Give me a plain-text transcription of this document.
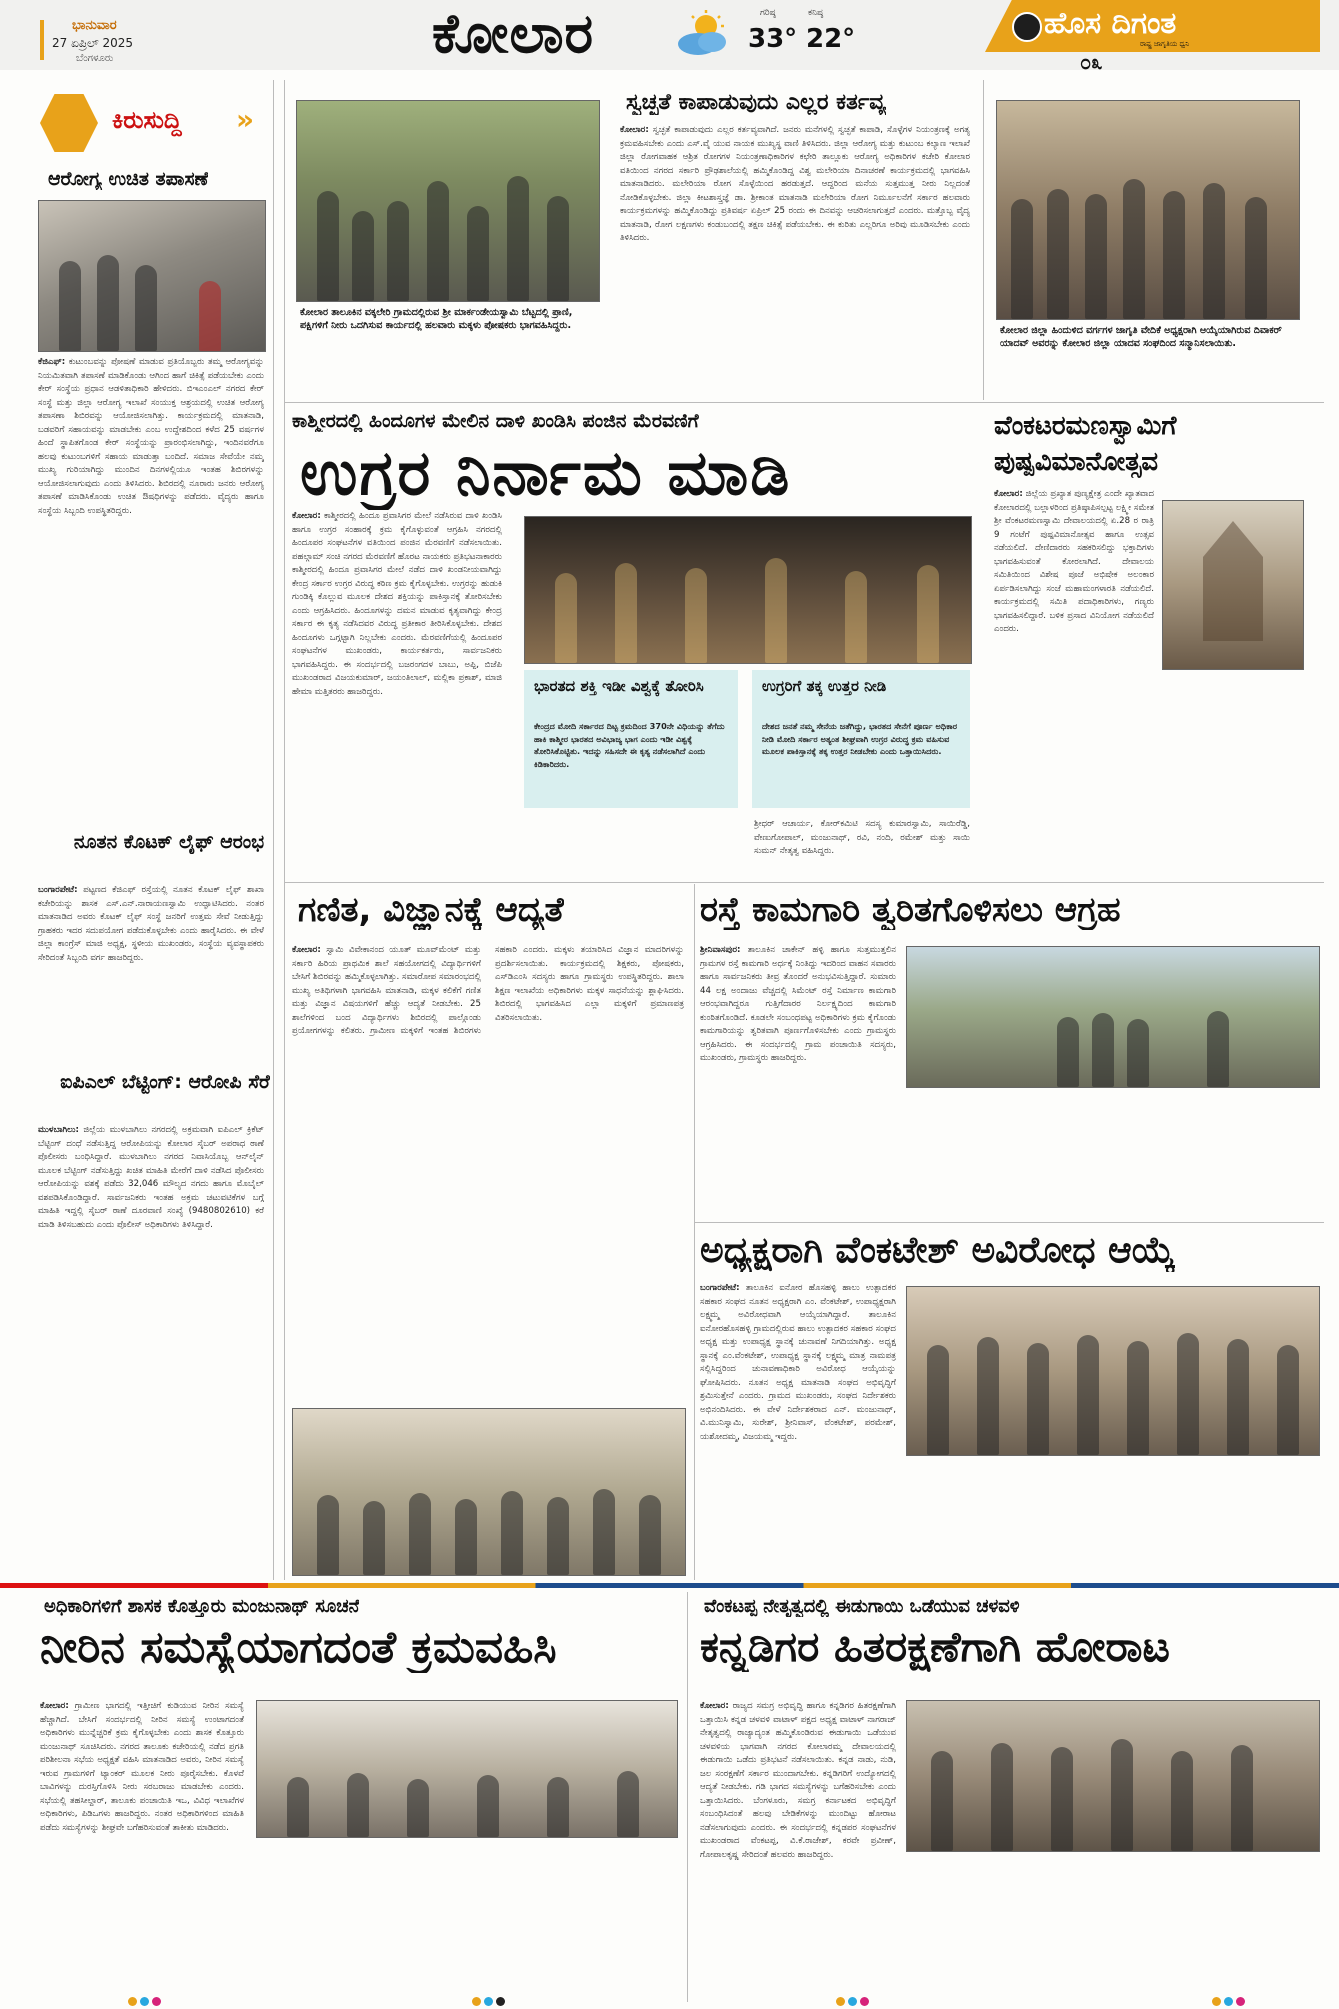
ಭಾನುವಾರ
27 ಏಪ್ರಿಲ್ 2025
ಬೆಂಗಳೂರು	ಕೋಲಾರ	ಗರಿಷ್ಠ
33°
ಕನಿಷ್ಠ
22°	ಹೊಸ ದಿಗಂತ
ರಾಷ್ಟ್ರ ಜಾಗೃತಿಯ ಧ್ವನಿ
೦೩
ಕಿರುಸುದ್ದಿ »
ಆರೋಗ್ಯ ಉಚಿತ ತಪಾಸಣೆ
ಕೆಜಿಎಫ್: ಕುಟುಂಬವನ್ನು ಪೋಷಣೆ ಮಾಡುವ ಪ್ರತಿಯೊಬ್ಬರು ತಮ್ಮ ಆರೋಗ್ಯವನ್ನು ನಿಯಮಿತವಾಗಿ ತಪಾಸಣೆ ಮಾಡಿಕೊಂಡು ಆಗಿಂದ ಹಾಗೆ ಚಿಕಿತ್ಸೆ ಪಡೆಯಬೇಕು ಎಂದು ಕೇರ್ ಸಂಸ್ಥೆಯ ಪ್ರಧಾನ ಆಡಳಿತಾಧಿಕಾರಿ ಹೇಳಿದರು. ಬಿಇಎಂಎಲ್ ನಗರದ ಕೇರ್ ಸಂಸ್ಥೆ ಮತ್ತು ಜಿಲ್ಲಾ ಆರೋಗ್ಯ ಇಲಾಖೆ ಸಂಯುಕ್ತ ಆಶ್ರಯದಲ್ಲಿ ಉಚಿತ ಆರೋಗ್ಯ ತಪಾಸಣಾ ಶಿಬಿರವನ್ನು ಆಯೋಜಿಸಲಾಗಿತ್ತು. ಕಾರ್ಯಕ್ರಮದಲ್ಲಿ ಮಾತನಾಡಿ, ಬಡವರಿಗೆ ಸಹಾಯವನ್ನು ಮಾಡಬೇಕು ಎಂಬ ಉದ್ದೇಶದಿಂದ ಕಳೆದ 25 ವರ್ಷಗಳ ಹಿಂದೆ ಸ್ಥಾಪಿತಗೊಂಡ ಕೇರ್ ಸಂಸ್ಥೆಯನ್ನು ಪ್ರಾರಂಭಿಸಲಾಗಿದ್ದು, ಇಂದಿನವರೆಗೂ ಹಲವು ಕುಟುಂಬಗಳಿಗೆ ಸಹಾಯ ಮಾಡುತ್ತಾ ಬಂದಿದೆ. ಸಮಾಜ ಸೇವೆಯೇ ನಮ್ಮ ಮುಖ್ಯ ಗುರಿಯಾಗಿದ್ದು ಮುಂದಿನ ದಿನಗಳಲ್ಲಿಯೂ ಇಂತಹ ಶಿಬಿರಗಳನ್ನು ಆಯೋಜಿಸಲಾಗುವುದು ಎಂದು ತಿಳಿಸಿದರು. ಶಿಬಿರದಲ್ಲಿ ನೂರಾರು ಜನರು ಆರೋಗ್ಯ ತಪಾಸಣೆ ಮಾಡಿಸಿಕೊಂಡು ಉಚಿತ ಔಷಧಿಗಳನ್ನು ಪಡೆದರು. ವೈದ್ಯರು ಹಾಗೂ ಸಂಸ್ಥೆಯ ಸಿಬ್ಬಂದಿ ಉಪಸ್ಥಿತರಿದ್ದರು.
ನೂತನ ಕೊಟಕ್ ಲೈಫ್ ಆರಂಭ
ಬಂಗಾರಪೇಟೆ: ಪಟ್ಟಣದ ಕೆಜಿಎಫ್ ರಸ್ತೆಯಲ್ಲಿ ನೂತನ ಕೊಟಕ್ ಲೈಫ್ ಶಾಖಾ ಕಚೇರಿಯನ್ನು ಶಾಸಕ ಎಸ್.ಎನ್.ನಾರಾಯಣಸ್ವಾಮಿ ಉದ್ಘಾಟಿಸಿದರು. ನಂತರ ಮಾತನಾಡಿದ ಅವರು ಕೊಟಕ್ ಲೈಫ್ ಸಂಸ್ಥೆ ಜನರಿಗೆ ಉತ್ತಮ ಸೇವೆ ನೀಡುತ್ತಿದ್ದು ಗ್ರಾಹಕರು ಇದರ ಸದುಪಯೋಗ ಪಡೆದುಕೊಳ್ಳಬೇಕು ಎಂದು ಹಾರೈಸಿದರು. ಈ ವೇಳೆ ಜಿಲ್ಲಾ ಕಾಂಗ್ರೆಸ್ ಮಾಜಿ ಅಧ್ಯಕ್ಷ, ಸ್ಥಳೀಯ ಮುಖಂಡರು, ಸಂಸ್ಥೆಯ ವ್ಯವಸ್ಥಾಪಕರು ಸೇರಿದಂತೆ ಸಿಬ್ಬಂದಿ ವರ್ಗ ಹಾಜರಿದ್ದರು.
ಐಪಿಎಲ್ ಬೆಟ್ಟಿಂಗ್: ಆರೋಪಿ ಸೆರೆ
ಮುಳಬಾಗಿಲು: ಜಿಲ್ಲೆಯ ಮುಳಬಾಗಿಲು ನಗರದಲ್ಲಿ ಅಕ್ರಮವಾಗಿ ಐಪಿಎಲ್ ಕ್ರಿಕೆಟ್ ಬೆಟ್ಟಿಂಗ್ ದಂಧೆ ನಡೆಸುತ್ತಿದ್ದ ಆರೋಪಿಯನ್ನು ಕೋಲಾರ ಸೈಬರ್ ಅಪರಾಧ ಠಾಣೆ ಪೊಲೀಸರು ಬಂಧಿಸಿದ್ದಾರೆ. ಮುಳಬಾಗಿಲು ನಗರದ ನಿವಾಸಿಯೊಬ್ಬ ಆನ್‌ಲೈನ್ ಮೂಲಕ ಬೆಟ್ಟಿಂಗ್ ನಡೆಸುತ್ತಿದ್ದು ಖಚಿತ ಮಾಹಿತಿ ಮೇರೆಗೆ ದಾಳಿ ನಡೆಸಿದ ಪೊಲೀಸರು ಆರೋಪಿಯನ್ನು ವಶಕ್ಕೆ ಪಡೆದು 32,046 ಮೌಲ್ಯದ ನಗದು ಹಾಗೂ ಮೊಬೈಲ್ ವಶಪಡಿಸಿಕೊಂಡಿದ್ದಾರೆ. ಸಾರ್ವಜನಿಕರು ಇಂತಹ ಅಕ್ರಮ ಚಟುವಟಿಕೆಗಳ ಬಗ್ಗೆ ಮಾಹಿತಿ ಇದ್ದಲ್ಲಿ ಸೈಬರ್ ಠಾಣೆ ದೂರವಾಣಿ ಸಂಖ್ಯೆ (9480802610) ಕರೆ ಮಾಡಿ ತಿಳಿಸಬಹುದು ಎಂದು ಪೊಲೀಸ್ ಅಧಿಕಾರಿಗಳು ತಿಳಿಸಿದ್ದಾರೆ.
ಕೋಲಾರ ತಾಲೂಕಿನ ವಕ್ಕಲೇರಿ ಗ್ರಾಮದಲ್ಲಿರುವ ಶ್ರೀ ಮಾರ್ಕಂಡೇಯಸ್ವಾಮಿ ಬೆಟ್ಟದಲ್ಲಿ ಪ್ರಾಣಿ, ಪಕ್ಷಿಗಳಿಗೆ ನೀರು ಒದಗಿಸುವ ಕಾರ್ಯದಲ್ಲಿ ಹಲವಾರು ಮಕ್ಕಳು ಪೋಷಕರು ಭಾಗವಹಿಸಿದ್ದರು.
ಸ್ವಚ್ಛತೆ ಕಾಪಾಡುವುದು ಎಲ್ಲರ ಕರ್ತವ್ಯ
ಕೋಲಾರ: ಸ್ವಚ್ಛತೆ ಕಾಪಾಡುವುದು ಎಲ್ಲರ ಕರ್ತವ್ಯವಾಗಿದೆ. ಜನರು ಮನೆಗಳಲ್ಲಿ ಸ್ವಚ್ಛತೆ ಕಾಪಾಡಿ, ಸೊಳ್ಳೆಗಳ ನಿಯಂತ್ರಣಕ್ಕೆ ಅಗತ್ಯ ಕ್ರಮವಹಿಸಬೇಕು ಎಂದು ಎಸ್.ವೈ ಯುವ ನಾಯಕ ಮುಖ್ಯಸ್ಥ ವಾಣಿ ತಿಳಿಸಿದರು. ಜಿಲ್ಲಾ ಆರೋಗ್ಯ ಮತ್ತು ಕುಟುಂಬ ಕಲ್ಯಾಣ ಇಲಾಖೆ ಜಿಲ್ಲಾ ರೋಗವಾಹಕ ಆಶ್ರಿತ ರೋಗಗಳ ನಿಯಂತ್ರಣಾಧಿಕಾರಿಗಳ ಕಛೇರಿ ತಾಲ್ಲೂಕು ಆರೋಗ್ಯ ಅಧಿಕಾರಿಗಳ ಕಚೇರಿ ಕೋಲಾರ ವತಿಯಿಂದ ನಗರದ ಸರ್ಕಾರಿ ಪ್ರೌಢಶಾಲೆಯಲ್ಲಿ ಹಮ್ಮಿಕೊಂಡಿದ್ದ ವಿಶ್ವ ಮಲೇರಿಯಾ ದಿನಾಚರಣೆ ಕಾರ್ಯಕ್ರಮದಲ್ಲಿ ಭಾಗವಹಿಸಿ ಮಾತನಾಡಿದರು. ಮಲೇರಿಯಾ ರೋಗ ಸೊಳ್ಳೆಯಿಂದ ಹರಡುತ್ತದೆ. ಆದ್ದರಿಂದ ಮನೆಯ ಸುತ್ತಮುತ್ತ ನೀರು ನಿಲ್ಲದಂತೆ ನೋಡಿಕೊಳ್ಳಬೇಕು. ಜಿಲ್ಲಾ ಕೀಟಶಾಸ್ತ್ರಜ್ಞೆ ಡಾ. ಶ್ರೀಕಾಂತ ಮಾತನಾಡಿ ಮಲೇರಿಯಾ ರೋಗ ನಿರ್ಮೂಲನೆಗೆ ಸರ್ಕಾರ ಹಲವಾರು ಕಾರ್ಯಕ್ರಮಗಳನ್ನು ಹಮ್ಮಿಕೊಂಡಿದ್ದು ಪ್ರತಿವರ್ಷ ಏಪ್ರಿಲ್ 25 ರಂದು ಈ ದಿನವನ್ನು ಆಚರಿಸಲಾಗುತ್ತದೆ ಎಂದರು. ಮತ್ತೊಬ್ಬ ವೈದ್ಯ ಮಾತನಾಡಿ, ರೋಗ ಲಕ್ಷಣಗಳು ಕಂಡುಬಂದಲ್ಲಿ ತಕ್ಷಣ ಚಿಕಿತ್ಸೆ ಪಡೆಯಬೇಕು. ಈ ಕುರಿತು ಎಲ್ಲರಿಗೂ ಅರಿವು ಮೂಡಿಸಬೇಕು ಎಂದು ತಿಳಿಸಿದರು.
ಕೋಲಾರ ಜಿಲ್ಲಾ ಹಿಂದುಳಿದ ವರ್ಗಗಳ ಜಾಗೃತಿ ವೇದಿಕೆ ಅಧ್ಯಕ್ಷರಾಗಿ ಆಯ್ಕೆಯಾಗಿರುವ ದಿವಾಕರ್ ಯಾದವ್ ಅವರನ್ನು ಕೋಲಾರ ಜಿಲ್ಲಾ ಯಾದವ ಸಂಘದಿಂದ ಸನ್ಮಾನಿಸಲಾಯಿತು.
ಕಾಶ್ಮೀರದಲ್ಲಿ ಹಿಂದೂಗಳ ಮೇಲಿನ ದಾಳಿ ಖಂಡಿಸಿ ಪಂಜಿನ ಮೆರವಣಿಗೆ
ಉಗ್ರರ ನಿರ್ನಾಮ ಮಾಡಿ
ಕೋಲಾರ: ಕಾಶ್ಮೀರದಲ್ಲಿ ಹಿಂದೂ ಪ್ರವಾಸಿಗರ ಮೇಲೆ ನಡೆಸಿರುವ ದಾಳಿ ಖಂಡಿಸಿ ಹಾಗೂ ಉಗ್ರರ ಸಂಹಾರಕ್ಕೆ ಕ್ರಮ ಕೈಗೊಳ್ಳುವಂತೆ ಆಗ್ರಹಿಸಿ ನಗರದಲ್ಲಿ ಹಿಂದೂಪರ ಸಂಘಟನೆಗಳ ವತಿಯಿಂದ ಪಂಜಿನ ಮೆರವಣಿಗೆ ನಡೆಸಲಾಯಿತು. ಪಹಲ್ಗಾಮ್ ಸಂಚಿ ನಗರದ ಮೆರವಣಿಗೆ ಹೊರಟ ನಾಯಕರು ಪ್ರತಿಭಟನಾಕಾರರು ಕಾಶ್ಮೀರದಲ್ಲಿ ಹಿಂದೂ ಪ್ರವಾಸಿಗರ ಮೇಲೆ ನಡೆದ ದಾಳಿ ಖಂಡನೀಯವಾಗಿದ್ದು ಕೇಂದ್ರ ಸರ್ಕಾರ ಉಗ್ರರ ವಿರುದ್ಧ ಕಠಿಣ ಕ್ರಮ ಕೈಗೊಳ್ಳಬೇಕು. ಉಗ್ರರನ್ನು ಹುಡುಕಿ ಗುಂಡಿಕ್ಕಿ ಕೊಲ್ಲುವ ಮೂಲಕ ದೇಶದ ಶಕ್ತಿಯನ್ನು ಪಾಕಿಸ್ತಾನಕ್ಕೆ ತೋರಿಸಬೇಕು ಎಂದು ಆಗ್ರಹಿಸಿದರು. ಹಿಂದೂಗಳನ್ನು ದಮನ ಮಾಡುವ ಕೃತ್ಯವಾಗಿದ್ದು ಕೇಂದ್ರ ಸರ್ಕಾರ ಈ ಕೃತ್ಯ ನಡೆಸಿದವರ ವಿರುದ್ಧ ಪ್ರತೀಕಾರ ತೀರಿಸಿಕೊಳ್ಳಬೇಕು. ದೇಶದ ಹಿಂದೂಗಳು ಒಗ್ಗಟ್ಟಾಗಿ ನಿಲ್ಲಬೇಕು ಎಂದರು. ಮೆರವಣಿಗೆಯಲ್ಲಿ ಹಿಂದೂಪರ ಸಂಘಟನೆಗಳ ಮುಖಂಡರು, ಕಾರ್ಯಕರ್ತರು, ಸಾರ್ವಜನಿಕರು ಭಾಗವಹಿಸಿದ್ದರು. ಈ ಸಂದರ್ಭದಲ್ಲಿ ಬಜರಂಗದಳ ಬಾಬು, ಅಪ್ಪಿ, ಬಿಜೆಪಿ ಮುಖಂಡರಾದ ವಿಜಯಕುಮಾರ್, ಜಯಂತಿಲಾಲ್, ಮಲ್ಲಿಕಾ ಪ್ರಕಾಶ್, ಮಾಜಿ ಹೇಮಾ ಮತ್ತಿತರರು ಹಾಜರಿದ್ದರು.	ಭಾರತದ ಶಕ್ತಿ ಇಡೀ ವಿಶ್ವಕ್ಕೆ ತೋರಿಸಿ
ಕೇಂದ್ರದ ಮೋದಿ ಸರ್ಕಾರದ ದಿಟ್ಟ ಕ್ರಮದಿಂದ 370ನೇ ವಿಧಿಯನ್ನು ತೆಗೆದು ಹಾಕಿ ಕಾಶ್ಮೀರ ಭಾರತದ ಅವಿಭಾಜ್ಯ ಭಾಗ ಎಂದು ಇಡೀ ವಿಶ್ವಕ್ಕೆ ತೋರಿಸಿಕೊಟ್ಟಿತು. ಇದನ್ನು ಸಹಿಸದೇ ಈ ಕೃತ್ಯ ನಡೆಸಲಾಗಿದೆ ಎಂದು ಕಿಡಿಕಾರಿದರು.
ಉಗ್ರರಿಗೆ ತಕ್ಕ ಉತ್ತರ ನೀಡಿ
ದೇಶದ ಜನತೆ ನಮ್ಮ ಸೇನೆಯ ಜತೆಗಿದ್ದು, ಭಾರತದ ಸೇನೆಗೆ ಪೂರ್ಣ ಅಧಿಕಾರ ನೀಡಿ ಮೋದಿ ಸರ್ಕಾರ ಅತ್ಯಂತ ಶೀಘ್ರವಾಗಿ ಉಗ್ರರ ವಿರುದ್ಧ ಕ್ರಮ ವಹಿಸುವ ಮೂಲಕ ಪಾಕಿಸ್ತಾನಕ್ಕೆ ತಕ್ಕ ಉತ್ತರ ನೀಡಬೇಕು ಎಂದು ಒತ್ತಾಯಿಸಿದರು.
ಶ್ರೀಧರ್ ಆಚಾರ್ಯ, ಕೋರ್‌ಕಮಿಟಿ ಸದಸ್ಯ ಕುಮಾರಸ್ವಾಮಿ, ಸಾಯಿರೆಡ್ಡಿ, ವೇಣುಗೋಪಾಲ್, ಮಂಜುನಾಥ್, ರವಿ, ನಂದಿ, ರಮೇಶ್ ಮತ್ತು ಸಾಯಿ ಸುಮನ್ ನೇತೃತ್ವ ವಹಿಸಿದ್ದರು.
ವೆಂಕಟರಮಣಸ್ವಾಮಿಗೆ ಪುಷ್ಪವಿಮಾನೋತ್ಸವ
ಕೋಲಾರ: ಜಿಲ್ಲೆಯ ಪ್ರಖ್ಯಾತ ಪುಣ್ಯಕ್ಷೇತ್ರ ಎಂದೇ ಖ್ಯಾತವಾದ ಕೋಲಾರದಲ್ಲಿ ಬಲ್ಲಾಳರಿಂದ ಪ್ರತಿಷ್ಠಾಪಿಸಲ್ಪಟ್ಟ ಲಕ್ಷ್ಮೀ ಸಮೇತ ಶ್ರೀ ವೆಂಕಟರಮಣಸ್ವಾಮಿ ದೇವಾಲಯದಲ್ಲಿ ಏ.28 ರ ರಾತ್ರಿ 9 ಗಂಟೆಗೆ ಪುಷ್ಪವಿಮಾನೋತ್ಸವ ಹಾಗೂ ಉತ್ಸವ ನಡೆಯಲಿದೆ. ದೇಣಿದಾರರು ಸಹಕರಿಸಲಿದ್ದು ಭಕ್ತಾದಿಗಳು ಭಾಗವಹಿಸುವಂತೆ ಕೋರಲಾಗಿದೆ. ದೇವಾಲಯ ಸಮಿತಿಯಿಂದ ವಿಶೇಷ ಪೂಜೆ ಅಭಿಷೇಕ ಅಲಂಕಾರ ಏರ್ಪಡಿಸಲಾಗಿದ್ದು ಸಂಜೆ ಮಹಾಮಂಗಳಾರತಿ ನಡೆಯಲಿದೆ. ಕಾರ್ಯಕ್ರಮದಲ್ಲಿ ಸಮಿತಿ ಪದಾಧಿಕಾರಿಗಳು, ಗಣ್ಯರು ಭಾಗವಹಿಸಲಿದ್ದಾರೆ. ಬಳಿಕ ಪ್ರಸಾದ ವಿನಿಯೋಗ ನಡೆಯಲಿದೆ ಎಂದರು.
ಗಣಿತ, ವಿಜ್ಞಾನಕ್ಕೆ ಆದ್ಯತೆ
ಕೋಲಾರ: ಸ್ವಾಮಿ ವಿವೇಕಾನಂದ ಯೂತ್ ಮೂವ್‌ಮೆಂಟ್ ಮತ್ತು ಸರ್ಕಾರಿ ಹಿರಿಯ ಪ್ರಾಥಮಿಕ ಶಾಲೆ ಸಹಯೋಗದಲ್ಲಿ ವಿದ್ಯಾರ್ಥಿಗಳಿಗೆ ಬೇಸಿಗೆ ಶಿಬಿರವನ್ನು ಹಮ್ಮಿಕೊಳ್ಳಲಾಗಿತ್ತು. ಸಮಾರೋಪ ಸಮಾರಂಭದಲ್ಲಿ ಮುಖ್ಯ ಅತಿಥಿಗಳಾಗಿ ಭಾಗವಹಿಸಿ ಮಾತನಾಡಿ, ಮಕ್ಕಳ ಕಲಿಕೆಗೆ ಗಣಿತ ಮತ್ತು ವಿಜ್ಞಾನ ವಿಷಯಗಳಿಗೆ ಹೆಚ್ಚು ಆದ್ಯತೆ ನೀಡಬೇಕು. 25 ಶಾಲೆಗಳಿಂದ ಬಂದ ವಿದ್ಯಾರ್ಥಿಗಳು ಶಿಬಿರದಲ್ಲಿ ಪಾಲ್ಗೊಂಡು ಪ್ರಯೋಗಗಳನ್ನು ಕಲಿತರು. ಗ್ರಾಮೀಣ ಮಕ್ಕಳಿಗೆ ಇಂತಹ ಶಿಬಿರಗಳು ಸಹಕಾರಿ ಎಂದರು. ಮಕ್ಕಳು ತಯಾರಿಸಿದ ವಿಜ್ಞಾನ ಮಾದರಿಗಳನ್ನು ಪ್ರದರ್ಶಿಸಲಾಯಿತು. ಕಾರ್ಯಕ್ರಮದಲ್ಲಿ ಶಿಕ್ಷಕರು, ಪೋಷಕರು, ಎಸ್‌ಡಿಎಂಸಿ ಸದಸ್ಯರು ಹಾಗೂ ಗ್ರಾಮಸ್ಥರು ಉಪಸ್ಥಿತರಿದ್ದರು. ಶಾಲಾ ಶಿಕ್ಷಣ ಇಲಾಖೆಯ ಅಧಿಕಾರಿಗಳು ಮಕ್ಕಳ ಸಾಧನೆಯನ್ನು ಶ್ಲಾಘಿಸಿದರು. ಶಿಬಿರದಲ್ಲಿ ಭಾಗವಹಿಸಿದ ಎಲ್ಲಾ ಮಕ್ಕಳಿಗೆ ಪ್ರಮಾಣಪತ್ರ ವಿತರಿಸಲಾಯಿತು.
ರಸ್ತೆ ಕಾಮಗಾರಿ ತ್ವರಿತಗೊಳಿಸಲು ಆಗ್ರಹ
ಶ್ರೀನಿವಾಸಪುರ: ತಾಲೂಕಿನ ಚಾಕೇನ್ ಹಳ್ಳಿ ಹಾಗೂ ಸುತ್ತಮುತ್ತಲಿನ ಗ್ರಾಮಗಳ ರಸ್ತೆ ಕಾಮಗಾರಿ ಅರ್ಧಕ್ಕೆ ನಿಂತಿದ್ದು ಇದರಿಂದ ವಾಹನ ಸವಾರರು ಹಾಗೂ ಸಾರ್ವಜನಿಕರು ತೀವ್ರ ತೊಂದರೆ ಅನುಭವಿಸುತ್ತಿದ್ದಾರೆ. ಸುಮಾರು 44 ಲಕ್ಷ ಅಂದಾಜು ವೆಚ್ಚದಲ್ಲಿ ಸಿಮೆಂಟ್ ರಸ್ತೆ ನಿರ್ಮಾಣ ಕಾಮಗಾರಿ ಆರಂಭವಾಗಿದ್ದರೂ ಗುತ್ತಿಗೆದಾರರ ನಿರ್ಲಕ್ಷ್ಯದಿಂದ ಕಾಮಗಾರಿ ಕುಂಠಿತಗೊಂಡಿದೆ. ಕೂಡಲೇ ಸಂಬಂಧಪಟ್ಟ ಅಧಿಕಾರಿಗಳು ಕ್ರಮ ಕೈಗೊಂಡು ಕಾಮಗಾರಿಯನ್ನು ತ್ವರಿತವಾಗಿ ಪೂರ್ಣಗೊಳಿಸಬೇಕು ಎಂದು ಗ್ರಾಮಸ್ಥರು ಆಗ್ರಹಿಸಿದರು. ಈ ಸಂದರ್ಭದಲ್ಲಿ ಗ್ರಾಮ ಪಂಚಾಯಿತಿ ಸದಸ್ಯರು, ಮುಖಂಡರು, ಗ್ರಾಮಸ್ಥರು ಹಾಜರಿದ್ದರು.
ಅಧ್ಯಕ್ಷರಾಗಿ ವೆಂಕಟೇಶ್ ಅವಿರೋಧ ಆಯ್ಕೆ
ಬಂಗಾರಪೇಟೆ: ತಾಲೂಕಿನ ಐನೋರ ಹೊಸಹಳ್ಳಿ ಹಾಲು ಉತ್ಪಾದಕರ ಸಹಕಾರ ಸಂಘದ ನೂತನ ಅಧ್ಯಕ್ಷರಾಗಿ ಎಂ. ವೆಂಕಟೇಶ್, ಉಪಾಧ್ಯಕ್ಷರಾಗಿ ಲಕ್ಷ್ಮಮ್ಮ ಅವಿರೋಧವಾಗಿ ಆಯ್ಕೆಯಾಗಿದ್ದಾರೆ. ತಾಲೂಕಿನ ಐನೋರಹೊಸಹಳ್ಳಿ ಗ್ರಾಮದಲ್ಲಿರುವ ಹಾಲು ಉತ್ಪಾದಕರ ಸಹಕಾರ ಸಂಘದ ಅಧ್ಯಕ್ಷ ಮತ್ತು ಉಪಾಧ್ಯಕ್ಷ ಸ್ಥಾನಕ್ಕೆ ಚುನಾವಣೆ ನಿಗದಿಯಾಗಿತ್ತು. ಅಧ್ಯಕ್ಷ ಸ್ಥಾನಕ್ಕೆ ಎಂ.ವೆಂಕಟೇಶ್, ಉಪಾಧ್ಯಕ್ಷ ಸ್ಥಾನಕ್ಕೆ ಲಕ್ಷ್ಮಮ್ಮ ಮಾತ್ರ ನಾಮಪತ್ರ ಸಲ್ಲಿಸಿದ್ದರಿಂದ ಚುನಾವಣಾಧಿಕಾರಿ ಅವಿರೋಧ ಆಯ್ಕೆಯನ್ನು ಘೋಷಿಸಿದರು. ನೂತನ ಅಧ್ಯಕ್ಷ ಮಾತನಾಡಿ ಸಂಘದ ಅಭಿವೃದ್ಧಿಗೆ ಶ್ರಮಿಸುತ್ತೇನೆ ಎಂದರು. ಗ್ರಾಮದ ಮುಖಂಡರು, ಸಂಘದ ನಿರ್ದೇಶಕರು ಅಭಿನಂದಿಸಿದರು. ಈ ವೇಳೆ ನಿರ್ದೇಶಕರಾದ ಎನ್. ಮಂಜುನಾಥ್, ವಿ.ಮುನಿಸ್ವಾಮಿ, ಸುರೇಶ್, ಶ್ರೀನಿವಾಸ್, ವೆಂಕಟೇಶ್, ಪರಮೇಶ್, ಯಶೋದಮ್ಮ, ವಿಜಯಮ್ಮ ಇದ್ದರು.
ಅಧಿಕಾರಿಗಳಿಗೆ ಶಾಸಕ ಕೊತ್ತೂರು ಮಂಜುನಾಥ್ ಸೂಚನೆ
ನೀರಿನ ಸಮಸ್ಯೆಯಾಗದಂತೆ ಕ್ರಮವಹಿಸಿ
ಕೋಲಾರ: ಗ್ರಾಮೀಣ ಭಾಗದಲ್ಲಿ ಇತ್ತೀಚಿಗೆ ಕುಡಿಯುವ ನೀರಿನ ಸಮಸ್ಯೆ ಹೆಚ್ಚಾಗಿದೆ. ಬೇಸಿಗೆ ಸಂದರ್ಭದಲ್ಲಿ ನೀರಿನ ಸಮಸ್ಯೆ ಉಂಟಾಗದಂತೆ ಅಧಿಕಾರಿಗಳು ಮುನ್ನೆಚ್ಚರಿಕೆ ಕ್ರಮ ಕೈಗೊಳ್ಳಬೇಕು ಎಂದು ಶಾಸಕ ಕೊತ್ತೂರು ಮಂಜುನಾಥ್ ಸೂಚಿಸಿದರು. ನಗರದ ತಾಲೂಕು ಕಚೇರಿಯಲ್ಲಿ ನಡೆದ ಪ್ರಗತಿ ಪರಿಶೀಲನಾ ಸಭೆಯ ಅಧ್ಯಕ್ಷತೆ ವಹಿಸಿ ಮಾತನಾಡಿದ ಅವರು, ನೀರಿನ ಸಮಸ್ಯೆ ಇರುವ ಗ್ರಾಮಗಳಿಗೆ ಟ್ಯಾಂಕರ್ ಮೂಲಕ ನೀರು ಪೂರೈಸಬೇಕು. ಕೊಳವೆ ಬಾವಿಗಳನ್ನು ದುರಸ್ತಿಗೊಳಿಸಿ ನೀರು ಸರಬರಾಜು ಮಾಡಬೇಕು ಎಂದರು. ಸಭೆಯಲ್ಲಿ ತಹಸೀಲ್ದಾರ್, ತಾಲೂಕು ಪಂಚಾಯಿತಿ ಇಒ, ವಿವಿಧ ಇಲಾಖೆಗಳ ಅಧಿಕಾರಿಗಳು, ಪಿಡಿಒಗಳು ಹಾಜರಿದ್ದರು. ನಂತರ ಅಧಿಕಾರಿಗಳಿಂದ ಮಾಹಿತಿ ಪಡೆದು ಸಮಸ್ಯೆಗಳನ್ನು ಶೀಘ್ರವೇ ಬಗೆಹರಿಸುವಂತೆ ತಾಕೀತು ಮಾಡಿದರು.
ವೆಂಕಟಪ್ಪ ನೇತೃತ್ವದಲ್ಲಿ ಈಡುಗಾಯಿ ಒಡೆಯುವ ಚಳವಳಿ
ಕನ್ನಡಿಗರ ಹಿತರಕ್ಷಣೆಗಾಗಿ ಹೋರಾಟ
ಕೋಲಾರ: ರಾಜ್ಯದ ಸಮಗ್ರ ಅಭಿವೃದ್ಧಿ ಹಾಗೂ ಕನ್ನಡಿಗರ ಹಿತರಕ್ಷಣೆಗಾಗಿ ಒತ್ತಾಯಿಸಿ ಕನ್ನಡ ಚಳವಳಿ ವಾಟಾಳ್ ಪಕ್ಷದ ಅಧ್ಯಕ್ಷ ವಾಟಾಳ್ ನಾಗರಾಜ್ ನೇತೃತ್ವದಲ್ಲಿ ರಾಜ್ಯಾದ್ಯಂತ ಹಮ್ಮಿಕೊಂಡಿರುವ ಈಡುಗಾಯಿ ಒಡೆಯುವ ಚಳವಳಿಯ ಭಾಗವಾಗಿ ನಗರದ ಕೋಲಾರಮ್ಮ ದೇವಾಲಯದಲ್ಲಿ ಈಡುಗಾಯಿ ಒಡೆದು ಪ್ರತಿಭಟನೆ ನಡೆಸಲಾಯಿತು. ಕನ್ನಡ ನಾಡು, ನುಡಿ, ಜಲ ಸಂರಕ್ಷಣೆಗೆ ಸರ್ಕಾರ ಮುಂದಾಗಬೇಕು. ಕನ್ನಡಿಗರಿಗೆ ಉದ್ಯೋಗದಲ್ಲಿ ಆದ್ಯತೆ ನೀಡಬೇಕು. ಗಡಿ ಭಾಗದ ಸಮಸ್ಯೆಗಳನ್ನು ಬಗೆಹರಿಸಬೇಕು ಎಂದು ಒತ್ತಾಯಿಸಿದರು. ಬೆಂಗಳೂರು, ಸಮಗ್ರ ಕರ್ನಾಟಕದ ಅಭಿವೃದ್ಧಿಗೆ ಸಂಬಂಧಿಸಿದಂತೆ ಹಲವು ಬೇಡಿಕೆಗಳನ್ನು ಮುಂದಿಟ್ಟು ಹೋರಾಟ ನಡೆಸಲಾಗುವುದು ಎಂದರು. ಈ ಸಂದರ್ಭದಲ್ಲಿ ಕನ್ನಡಪರ ಸಂಘಟನೆಗಳ ಮುಖಂಡರಾದ ವೆಂಕಟಪ್ಪ, ವಿ.ಕೆ.ರಾಜೇಶ್, ಕರವೇ ಪ್ರವೀಣ್, ಗೋಪಾಲಕೃಷ್ಣ ಸೇರಿದಂತೆ ಹಲವರು ಹಾಜರಿದ್ದರು.
